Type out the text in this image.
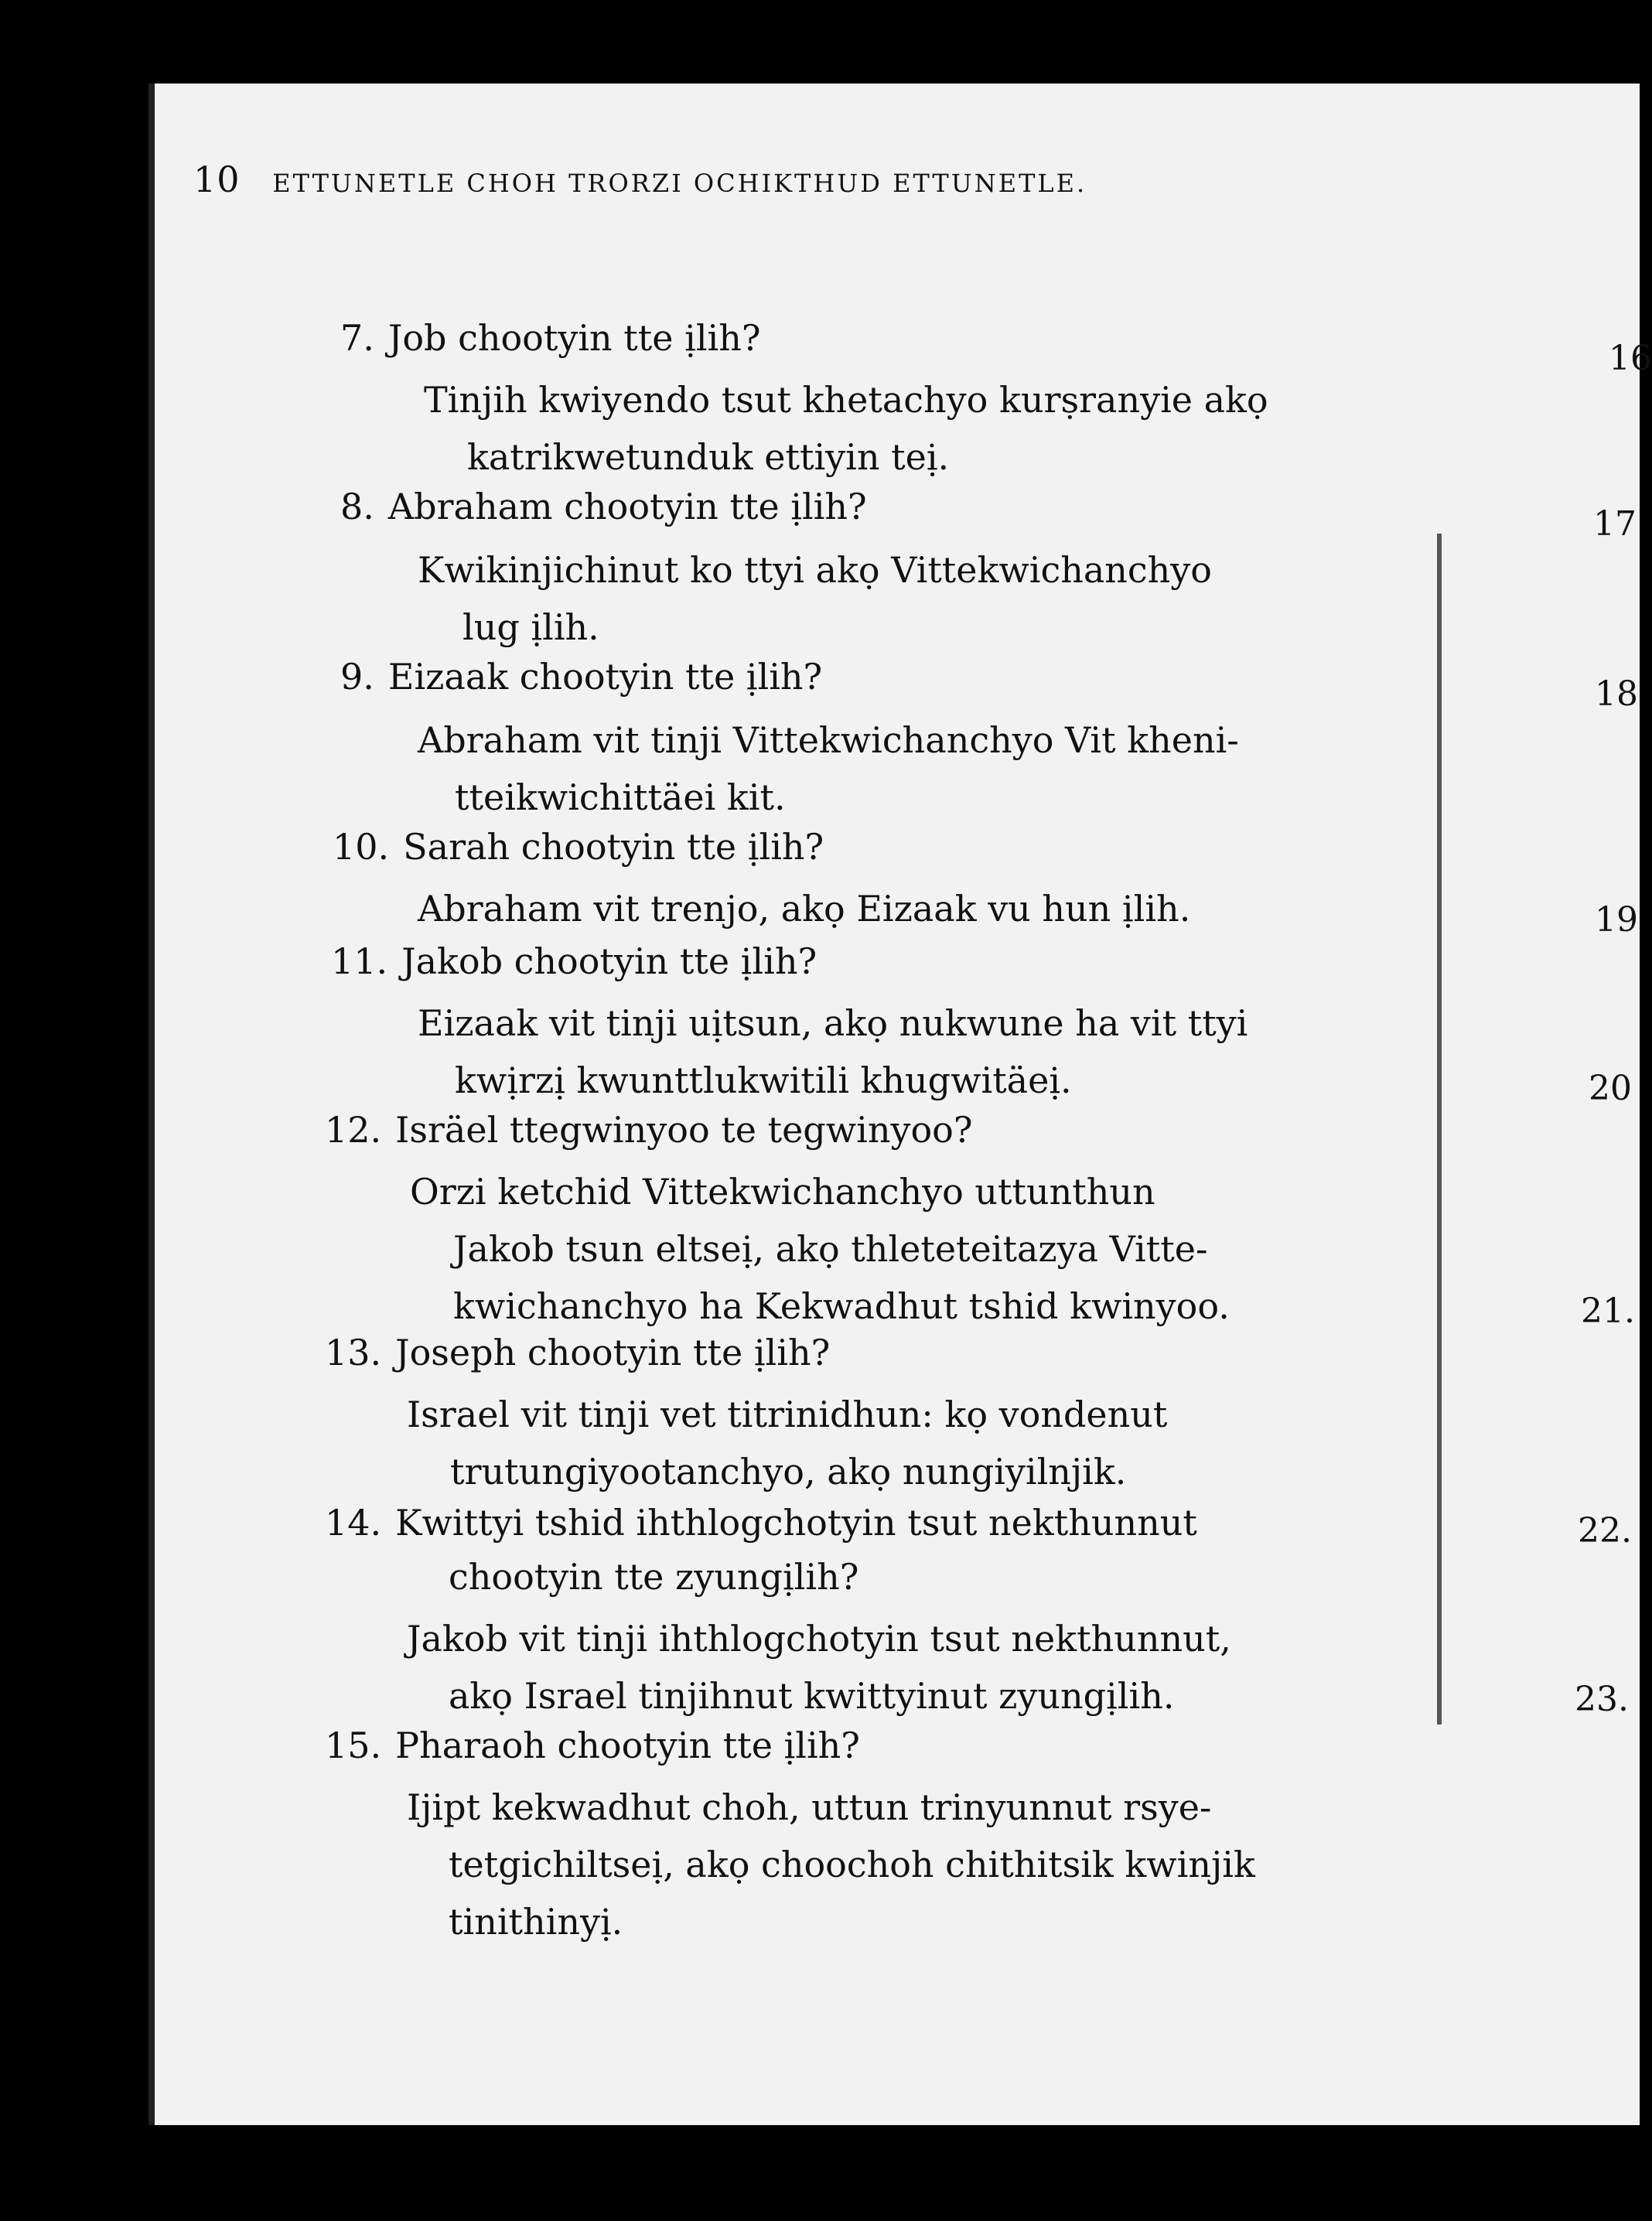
10 ETTUNETLE CHOH TRORZI OCHIKTHUD ETTUNETLE.
7. Job chootyin tte ịlih?
Tinjih kwiyendo tsut khetachyo kurṣranyie akọ
katrikwetunduk ettiyin teị.
8. Abraham chootyin tte ịlih?
Kwikinjichinut ko ttyi akọ Vittekwichanchyo
lug ịlih.
9. Eizaak chootyin tte ịlih?
Abraham vit tinji Vittekwichanchyo Vit kheni-
tteikwichittäei kit.
10. Sarah chootyin tte ịlih?
Abraham vit trenjo, akọ Eizaak vu hun ịlih.
11. Jakob chootyin tte ịlih?
Eizaak vit tinji uịtsun, akọ nukwune ha vit ttyi
kwịrzị kwunttlukwitili khugwitäeị.
12. Isräel ttegwinyoo te tegwinyoo?
Orzi ketchid Vittekwichanchyo uttunthun
Jakob tsun eltseị, akọ thleteteitazya Vitte-
kwichanchyo ha Kekwadhut tshid kwinyoo.
13. Joseph chootyin tte ịlih?
Israel vit tinji vet titrinidhun: kọ vondenut
trutungiyootanchyo, akọ nungiyilnjik.
14. Kwittyi tshid ihthlogchotyin tsut nekthunnut
chootyin tte zyungịlih?
Jakob vit tinji ihthlogchotyin tsut nekthunnut,
akọ Israel tinjihnut kwittyinut zyungịlih.
15. Pharaoh chootyin tte ịlih?
Ijipt kekwadhut choh, uttun trinyunnut rsye-
tetgichiltseị, akọ choochoh chithitsik kwinjik
tinithinyị.
16
17
18
19
20
21.
22.
23.
